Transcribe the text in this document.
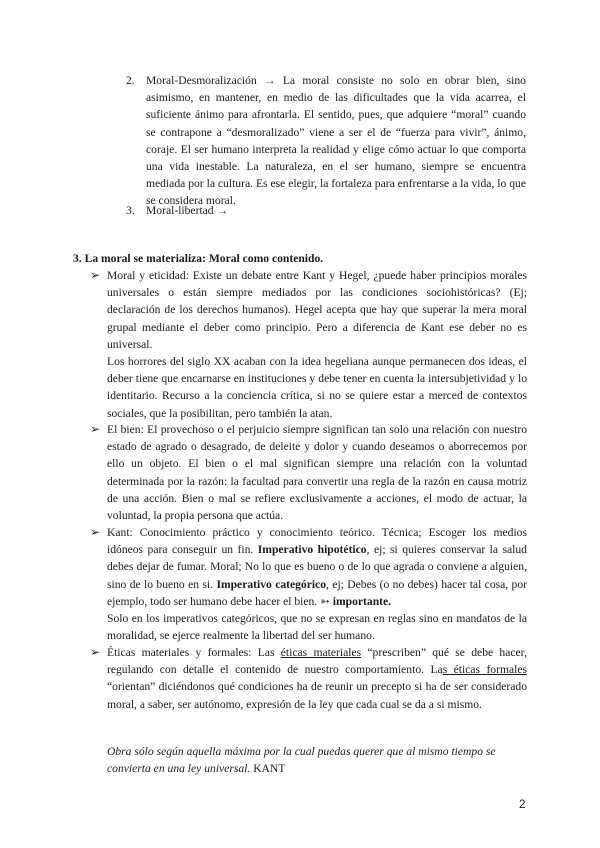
2. Moral-Desmoralización → La moral consiste no solo en obrar bien, sino asimismo, en mantener, en medio de las dificultades que la vida acarrea, el suficiente ánimo para afrontarla. El sentido, pues, que adquiere “moral” cuando se contrapone a “desmoralizado” viene a ser el de “fuerza para vivir”, ánimo, coraje. El ser humano interpreta la realidad y elige cómo actuar lo que comporta una vida inestable. La naturaleza, en el ser humano, siempre se encuentra mediada por la cultura. Es ese elegir, la fortaleza para enfrentarse a la vida, lo que se considera moral.
3. Moral-libertad →
3. La moral se materializa: Moral como contenido.
➢ Moral y eticidad: Existe un debate entre Kant y Hegel, ¿puede haber principios morales universales o están siempre mediados por las condiciones sociohistóricas? (Ej; declaración de los derechos humanos). Hegel acepta que hay que superar la mera moral grupal mediante el deber como principio. Pero a diferencia de Kant ese deber no es universal.
Los horrores del siglo XX acaban con la idea hegeliana aunque permanecen dos ideas, el deber tiene que encarnarse en instituciones y debe tener en cuenta la intersubjetividad y lo identitario. Recurso a la conciencia crítica, si no se quiere estar a merced de contextos sociales, que la posibilitan, pero también la atan.
➢ El bien: El provechoso o el perjuicio siempre significan tan solo una relación con nuestro estado de agrado o desagrado, de deleite y dolor y cuando deseamos o aborrecemos por ello un objeto. El bien o el mal significan siempre una relación con la voluntad determinada por la razón: la facultad para convertir una regla de la razón en causa motriz de una acción. Bien o mal se refiere exclusivamente a acciones, el modo de actuar, la voluntad, la propia persona que actúa.
➢ Kant: Conocimiento práctico y conocimiento teórico. Técnica; Escoger los medios idóneos para conseguir un fin. Imperativo hipotético, ej; si quieres conservar la salud debes dejar de fumar. Moral; No lo que es bueno o de lo que agrada o conviene a alguien, sino de lo bueno en si. Imperativo categórico, ej; Debes (o no debes) hacer tal cosa, por ejemplo, todo ser humano debe hacer el bien. ➳ importante.
Solo en los imperativos categóricos, que no se expresan en reglas sino en mandatos de la moralidad, se ejerce realmente la libertad del ser humano.
➢ Éticas materiales y formales: Las éticas materiales “prescriben” qué se debe hacer, regulando con detalle el contenido de nuestro comportamiento. Las éticas formales “orientan” diciéndonos qué condiciones ha de reunir un precepto si ha de ser considerado moral, a saber, ser autónomo, expresión de la ley que cada cual se da a si mismo.
Obra sólo según aquella máxima por la cual puedas querer que al mismo tiempo se convierta en una ley universal. KANT
2
